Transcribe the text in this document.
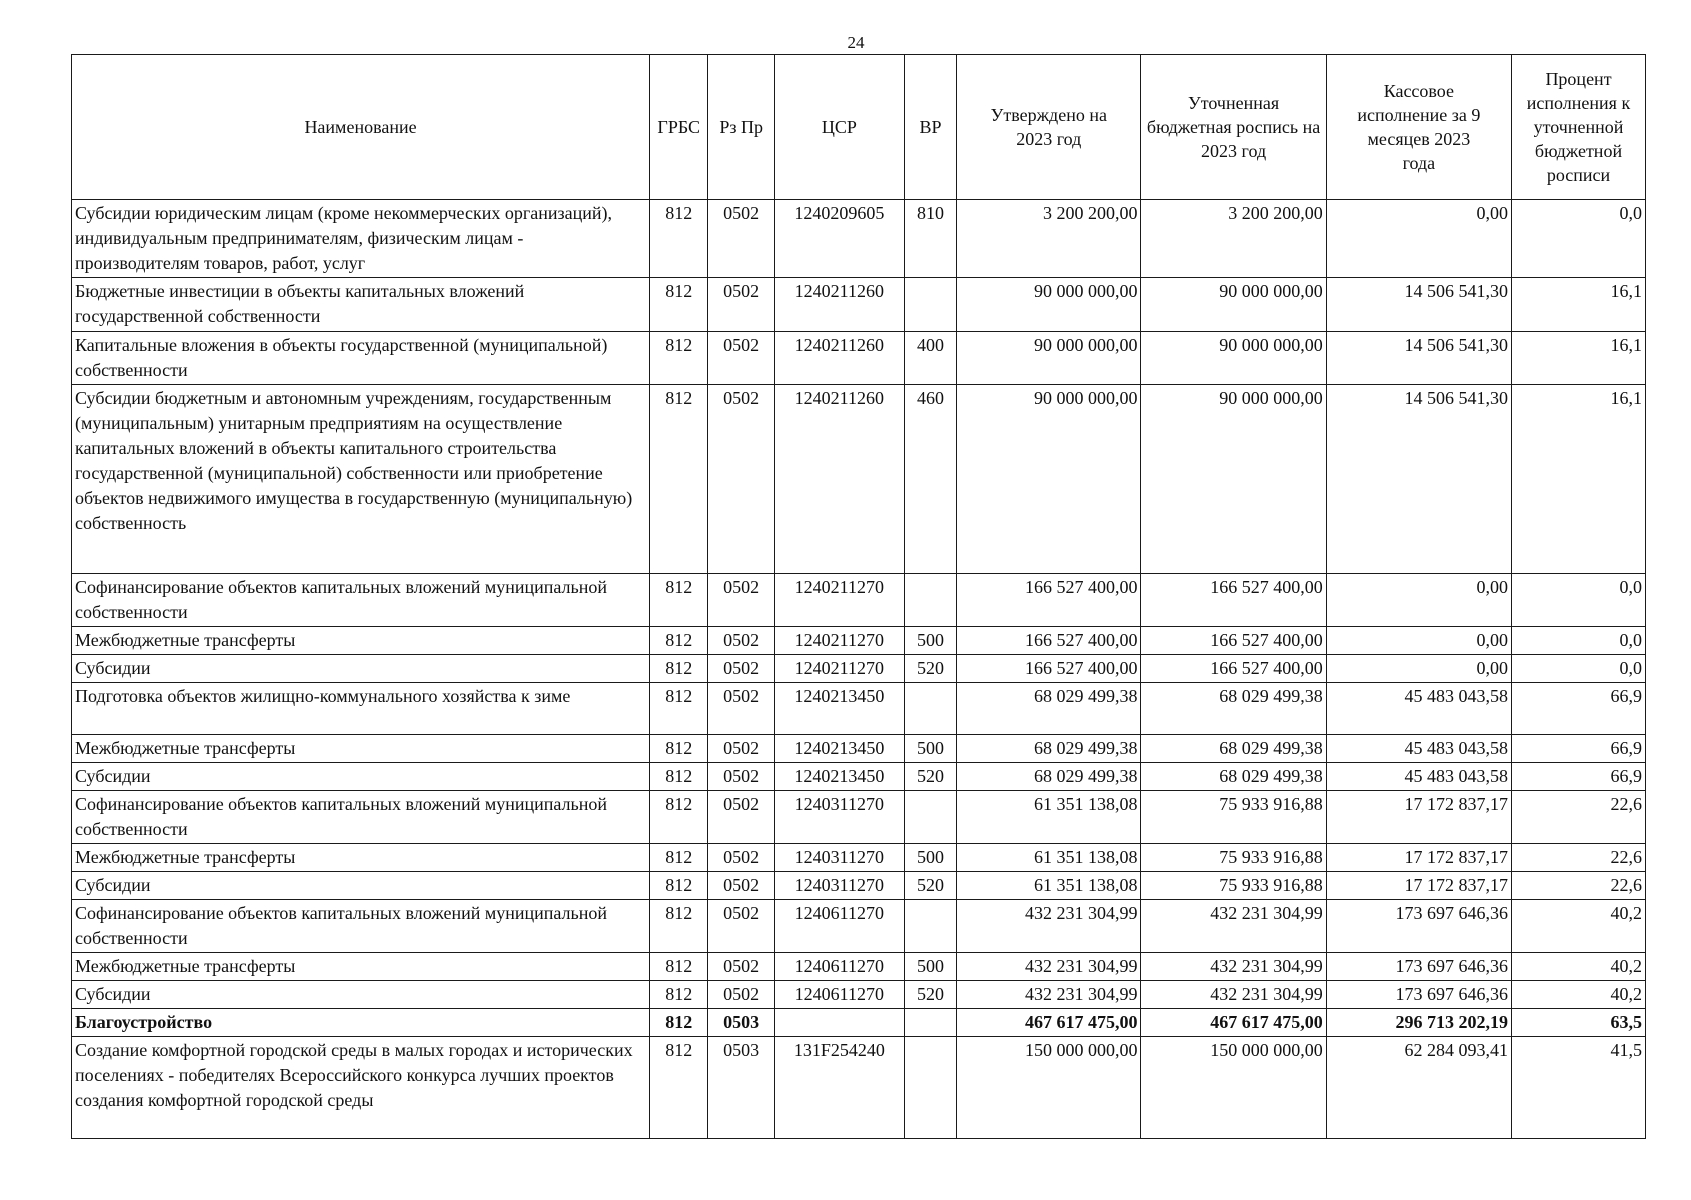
24
Наименование	ГРБС	Рз Пр	ЦСР	ВР	Утверждено на 2023 год	Уточненная бюджетная роспись на 2023 год	Кассовое исполнение за 9 месяцев 2023 года	Процент исполнения к уточненной бюджетной росписи
Субсидии юридическим лицам (кроме некоммерческих организаций), индивидуальным предпринимателям, физическим лицам - производителям товаров, работ, услуг	812	0502	1240209605	810	3 200 200,00	3 200 200,00	0,00	0,0
Бюджетные инвестиции в объекты капитальных вложений государственной собственности	812	0502	1240211260		90 000 000,00	90 000 000,00	14 506 541,30	16,1
Капитальные вложения в объекты государственной (муниципальной) собственности	812	0502	1240211260	400	90 000 000,00	90 000 000,00	14 506 541,30	16,1
Субсидии бюджетным и автономным учреждениям, государственным (муниципальным) унитарным предприятиям на осуществление капитальных вложений в объекты капитального строительства государственной (муниципальной) собственности или приобретение объектов недвижимого имущества в государственную (муниципальную) собственность	812	0502	1240211260	460	90 000 000,00	90 000 000,00	14 506 541,30	16,1
Софинансирование объектов капитальных вложений муниципальной собственности	812	0502	1240211270		166 527 400,00	166 527 400,00	0,00	0,0
Межбюджетные трансферты	812	0502	1240211270	500	166 527 400,00	166 527 400,00	0,00	0,0
Субсидии	812	0502	1240211270	520	166 527 400,00	166 527 400,00	0,00	0,0
Подготовка объектов жилищно-коммунального хозяйства к зиме	812	0502	1240213450		68 029 499,38	68 029 499,38	45 483 043,58	66,9
Межбюджетные трансферты	812	0502	1240213450	500	68 029 499,38	68 029 499,38	45 483 043,58	66,9
Субсидии	812	0502	1240213450	520	68 029 499,38	68 029 499,38	45 483 043,58	66,9
Софинансирование объектов капитальных вложений муниципальной собственности	812	0502	1240311270		61 351 138,08	75 933 916,88	17 172 837,17	22,6
Межбюджетные трансферты	812	0502	1240311270	500	61 351 138,08	75 933 916,88	17 172 837,17	22,6
Субсидии	812	0502	1240311270	520	61 351 138,08	75 933 916,88	17 172 837,17	22,6
Софинансирование объектов капитальных вложений муниципальной собственности	812	0502	1240611270		432 231 304,99	432 231 304,99	173 697 646,36	40,2
Межбюджетные трансферты	812	0502	1240611270	500	432 231 304,99	432 231 304,99	173 697 646,36	40,2
Субсидии	812	0502	1240611270	520	432 231 304,99	432 231 304,99	173 697 646,36	40,2
Благоустройство	812	0503			467 617 475,00	467 617 475,00	296 713 202,19	63,5
Создание комфортной городской среды в малых городах и исторических поселениях - победителях Всероссийского конкурса лучших проектов создания комфортной городской среды	812	0503	131F254240		150 000 000,00	150 000 000,00	62 284 093,41	41,5
